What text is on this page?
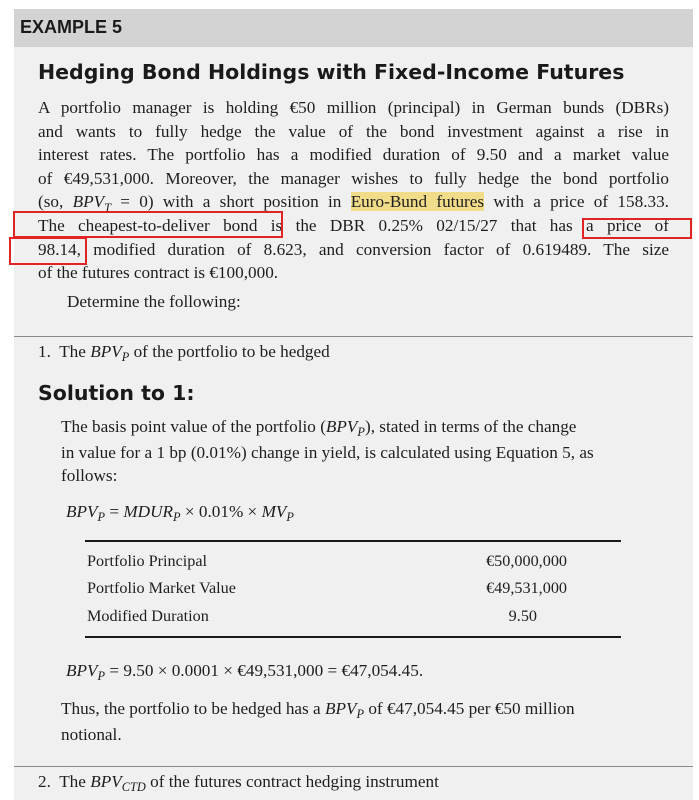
EXAMPLE 5
Hedging Bond Holdings with Fixed-Income Futures
A portfolio manager is holding €50 million (principal) in German bunds (DBRs)
and wants to fully hedge the value of the bond investment against a rise in
interest rates. The portfolio has a modified duration of 9.50 and a market value
of €49,531,000. Moreover, the manager wishes to fully hedge the bond portfolio
(so, $BPV_T = 0$) with a short position in Euro-Bund futures with a price of 158.33.
The cheapest-to-deliver bond is the DBR 0.25% 02/15/27 that has a price of
98.14, modified duration of 8.623, and conversion factor of 0.619489. The size
of the futures contract is €100,000.
Determine the following:
1. The $BPV_P$ of the portfolio to be hedged
Solution to 1:
The basis point value of the portfolio $(BPV_P)$, stated in terms of the change
in value for a 1 bp (0.01%) change in yield, is calculated using Equation 5, as
follows:
$BPV_P$ = $MDUR_P \times 0.01\% \times MV_P$
Portfolio Principal	€50,000,000
Portfolio Market Value	€49,531,000
Modified Duration	9.50
$BPV_P = 9.50 \times 0.0001$ × €49,531,000 = €47,054.45.
Thus, the portfolio to be hedged has a $BPV_P$ of €47,054.45 per €50 million
notional.
2. The $BPV_{CTD}$ of the futures contract hedging instrument
